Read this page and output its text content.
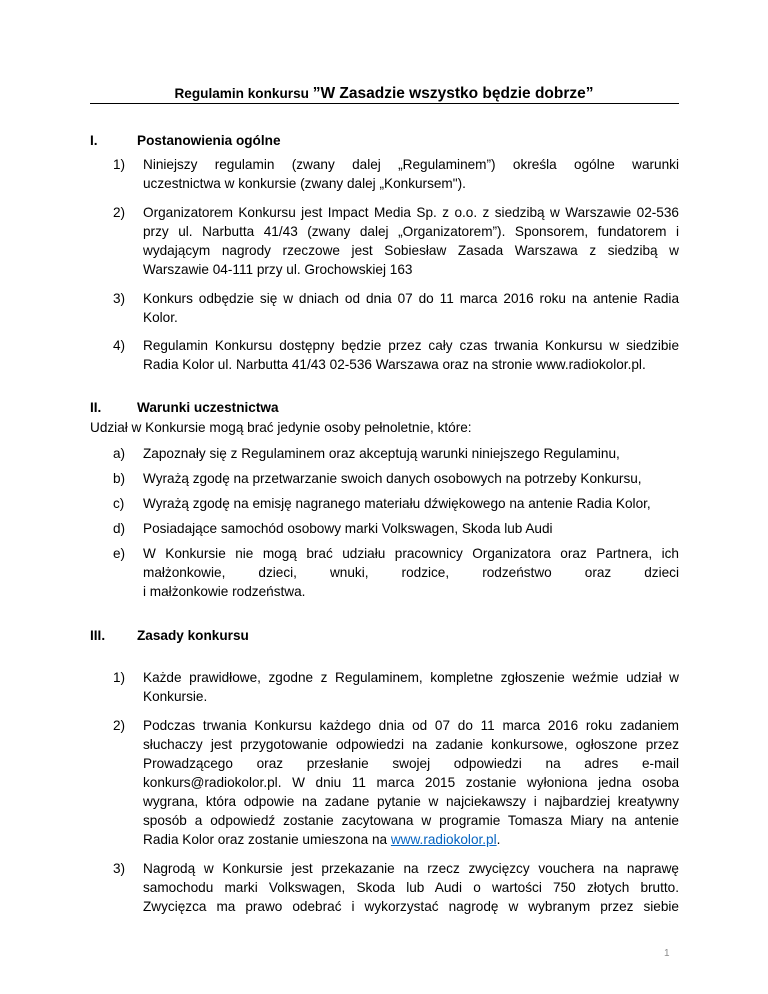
Regulamin konkursu ”W Zasadzie wszystko będzie dobrze”
I.	Postanowienia ogólne
1) Niniejszy regulamin (zwany dalej „Regulaminem”) określa ogólne warunki
uczestnictwa w konkursie (zwany dalej „Konkursem").
2) Organizatorem Konkursu jest Impact Media Sp. z o.o. z siedzibą w Warszawie 02-536
przy ul. Narbutta 41/43 (zwany dalej „Organizatorem”). Sponsorem, fundatorem i
wydającym nagrody rzeczowe jest Sobiesław Zasada Warszawa z siedzibą w
Warszawie 04-111 przy ul. Grochowskiej 163
3) Konkurs odbędzie się w dniach od dnia 07 do 11 marca 2016 roku na antenie Radia
Kolor.
4) Regulamin Konkursu dostępny będzie przez cały czas trwania Konkursu w siedzibie
Radia Kolor ul. Narbutta 41/43 02-536 Warszawa oraz na stronie www.radiokolor.pl.
II.	Warunki uczestnictwa
Udział w Konkursie mogą brać jedynie osoby pełnoletnie, które:
a) Zapoznały się z Regulaminem oraz akceptują warunki niniejszego Regulaminu,
b) Wyrażą zgodę na przetwarzanie swoich danych osobowych na potrzeby Konkursu,
c) Wyrażą zgodę na emisję nagranego materiału dźwiękowego na antenie Radia Kolor,
d) Posiadające samochód osobowy marki Volkswagen, Skoda lub Audi
e) W Konkursie nie mogą brać udziału pracownicy Organizatora oraz Partnera, ich
małżonkowie, dzieci, wnuki, rodzice, rodzeństwo oraz dzieci
i małżonkowie rodzeństwa.
III. Zasady konkursu
1) Każde prawidłowe, zgodne z Regulaminem, kompletne zgłoszenie weźmie udział w
Konkursie.
2) Podczas trwania Konkursu każdego dnia od 07 do 11 marca 2016 roku zadaniem
słuchaczy jest przygotowanie odpowiedzi na zadanie konkursowe, ogłoszone przez
Prowadzącego oraz przesłanie swojej odpowiedzi na adres e-mail
konkurs@radiokolor.pl. W dniu 11 marca 2015 zostanie wyłoniona jedna osoba
wygrana, która odpowie na zadane pytanie w najciekawszy i najbardziej kreatywny
sposób a odpowiedź zostanie zacytowana w programie Tomasza Miary na antenie
Radia Kolor oraz zostanie umieszona na www.radiokolor.pl.
3) Nagrodą w Konkursie jest przekazanie na rzecz zwycięzcy vouchera na naprawę
samochodu marki Volkswagen, Skoda lub Audi o wartości 750 złotych brutto.
Zwycięzca ma prawo odebrać i wykorzystać nagrodę w wybranym przez siebie
1
